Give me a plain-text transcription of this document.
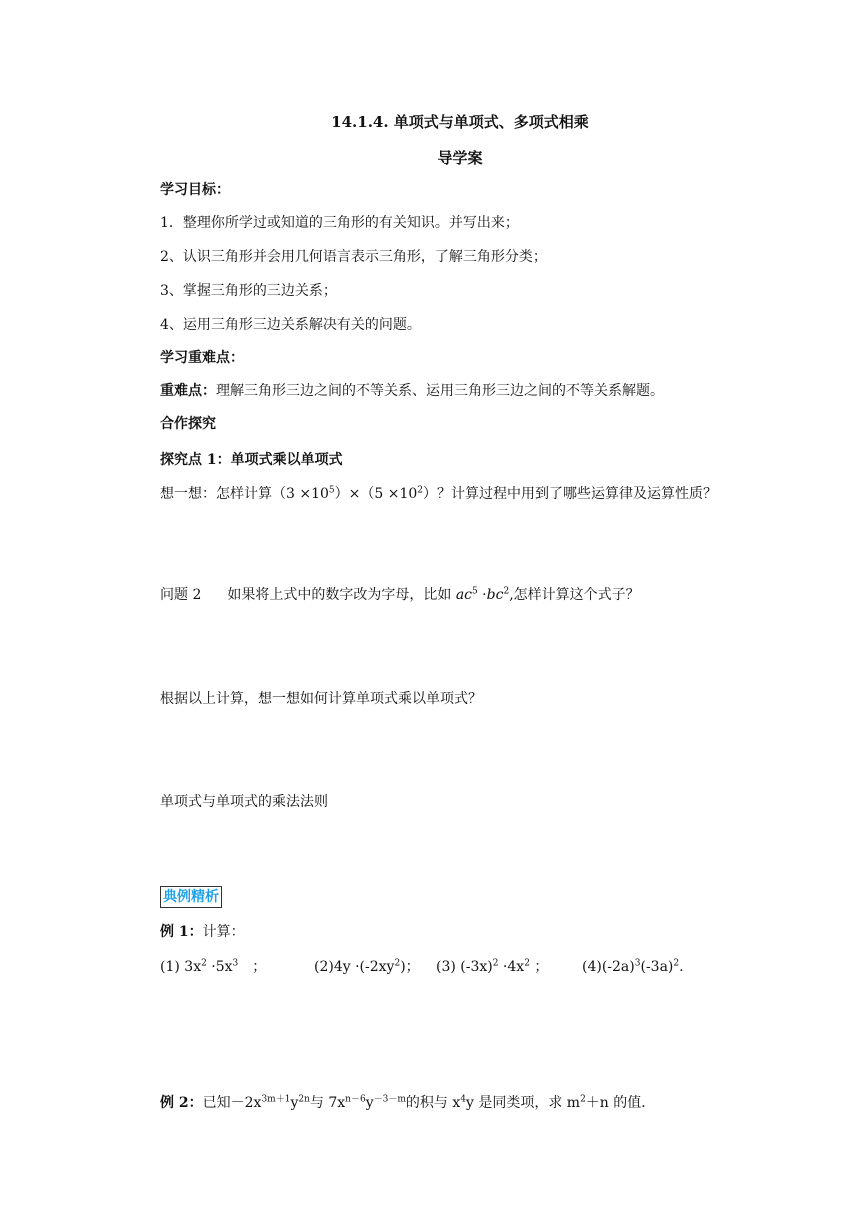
14.1.4. 单项式与单项式、多项式相乘
导学案
学习目标：
1．整理你所学过或知道的三角形的有关知识。并写出来；
2、认识三角形并会用几何语言表示三角形，了解三角形分类；
3、掌握三角形的三边关系；
4、运用三角形三边关系解决有关的问题。
学习重难点：
重难点：理解三角形三边之间的不等关系、运用三角形三边之间的不等关系解题。
合作探究
探究点 1：单项式乘以单项式
想一想：怎样计算$(3 \times 10^5)\times(5 \times 10^2)$？计算过程中用到了哪些运算律及运算性质？
问题 2 如果将上式中的数字改为字母，比如 $ac^5 \cdot bc^2$,怎样计算这个式子？
根据以上计算，想一想如何计算单项式乘以单项式？
单项式与单项式的乘法法则
典例精析
例 1：计算：
(1) $3x^2 \cdot 5x^3$　；	$(2)4y \cdot(-2xy^2)$； (3) $(-3x)^2 \cdot 4x^2$ ； $(4)(-2a)^3(-3a)^2$.
例 2：已知$-2x^{3m+1}y^{2n}$与 $7x^{n-6}y^{-3-m}$的积与 $x^4y$ 是同类项，求 $m^2+n$ 的值．
